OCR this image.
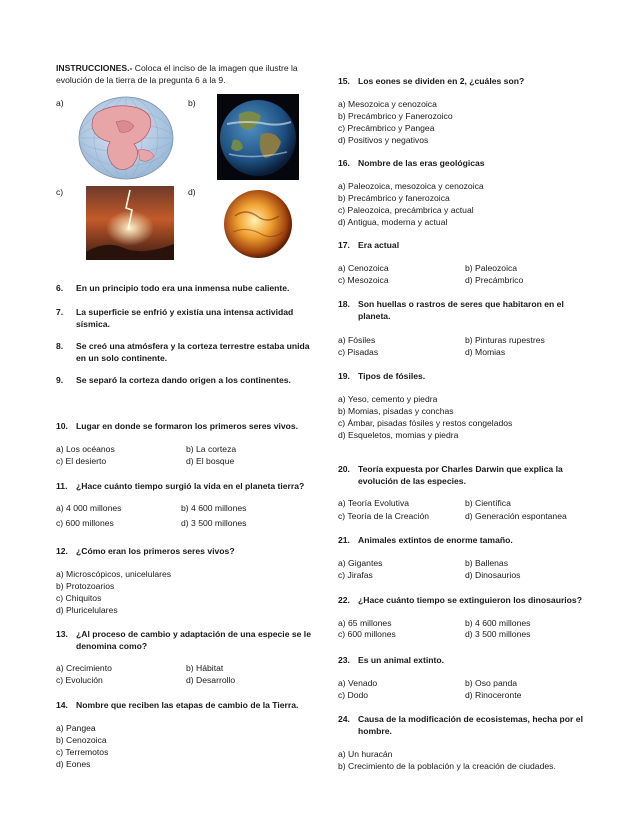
INSTRUCCIONES.- Coloca el inciso de la imagen que ilustre la
evolución de la tierra de la pregunta 6 a la 9.
a)	b)
c)	d)
6. En un principio todo era una inmensa nube caliente.
7. La superficie se enfrió y existía una intensa actividad
sísmica.
8. Se creó una atmósfera y la corteza terrestre estaba unida
en un solo continente.
9. Se separó la corteza dando origen a los continentes.
10. Lugar en donde se formaron los primeros seres vivos.
a) Los océanos	b) La corteza
c) El desierto	d) El bosque
11. ¿Hace cuánto tiempo surgió la vida en el planeta tierra?
a) 4 000 millones	b) 4 600 millones
c) 600 millones	d) 3 500 millones
12. ¿Cómo eran los primeros seres vivos?
a) Microscópicos, unicelulares
b) Protozoarios
c) Chiquitos
d) Pluricelulares
13. ¿Al proceso de cambio y adaptación de una especie se le
denomina como?
a) Crecimiento	b) Hábitat
c) Evolución	d) Desarrollo
14. Nombre que reciben las etapas de cambio de la Tierra.
a) Pangea
b) Cenozoica
c) Terremotos
d) Eones
15. Los eones se dividen en 2, ¿cuáles son?
a) Mesozoica y cenozoica
b) Precámbrico y Fanerozoico
c) Precámbrico y Pangea
d) Positivos y negativos
16. Nombre de las eras geológicas
a) Paleozoica, mesozoica y cenozoica
b) Precámbrico y fanerozoica
c) Paleozoica, precámbrica y actual
d) Antigua, moderna y actual
17. Era actual
a) Cenozoica	b) Paleozoica
c) Mesozoica	d) Precámbrico
18. Son huellas o rastros de seres que habitaron en el
planeta.
a) Fósiles	b) Pinturas rupestres
c) Pisadas	d) Momias
19. Tipos de fósiles.
a) Yeso, cemento y piedra
b) Momias, pisadas y conchas
c) Ámbar, pisadas fósiles y restos congelados
d) Esqueletos, momias y piedra
20. Teoría expuesta por Charles Darwin que explica la
evolución de las especies.
a) Teoría Evolutiva	b) Científica
c) Teoría de la Creación	d) Generación espontanea
21. Animales extintos de enorme tamaño.
a) Gigantes	b) Ballenas
c) Jirafas	d) Dinosaurios
22. ¿Hace cuánto tiempo se extinguieron los dinosaurios?
a) 65 millones	b) 4 600 millones
c) 600 millones	d) 3 500 millones
23. Es un animal extinto.
a) Venado	b) Oso panda
c) Dodo	d) Rinoceronte
24. Causa de la modificación de ecosistemas, hecha por el
hombre.
a) Un huracán
b) Crecimiento de la población y la creación de ciudades.
